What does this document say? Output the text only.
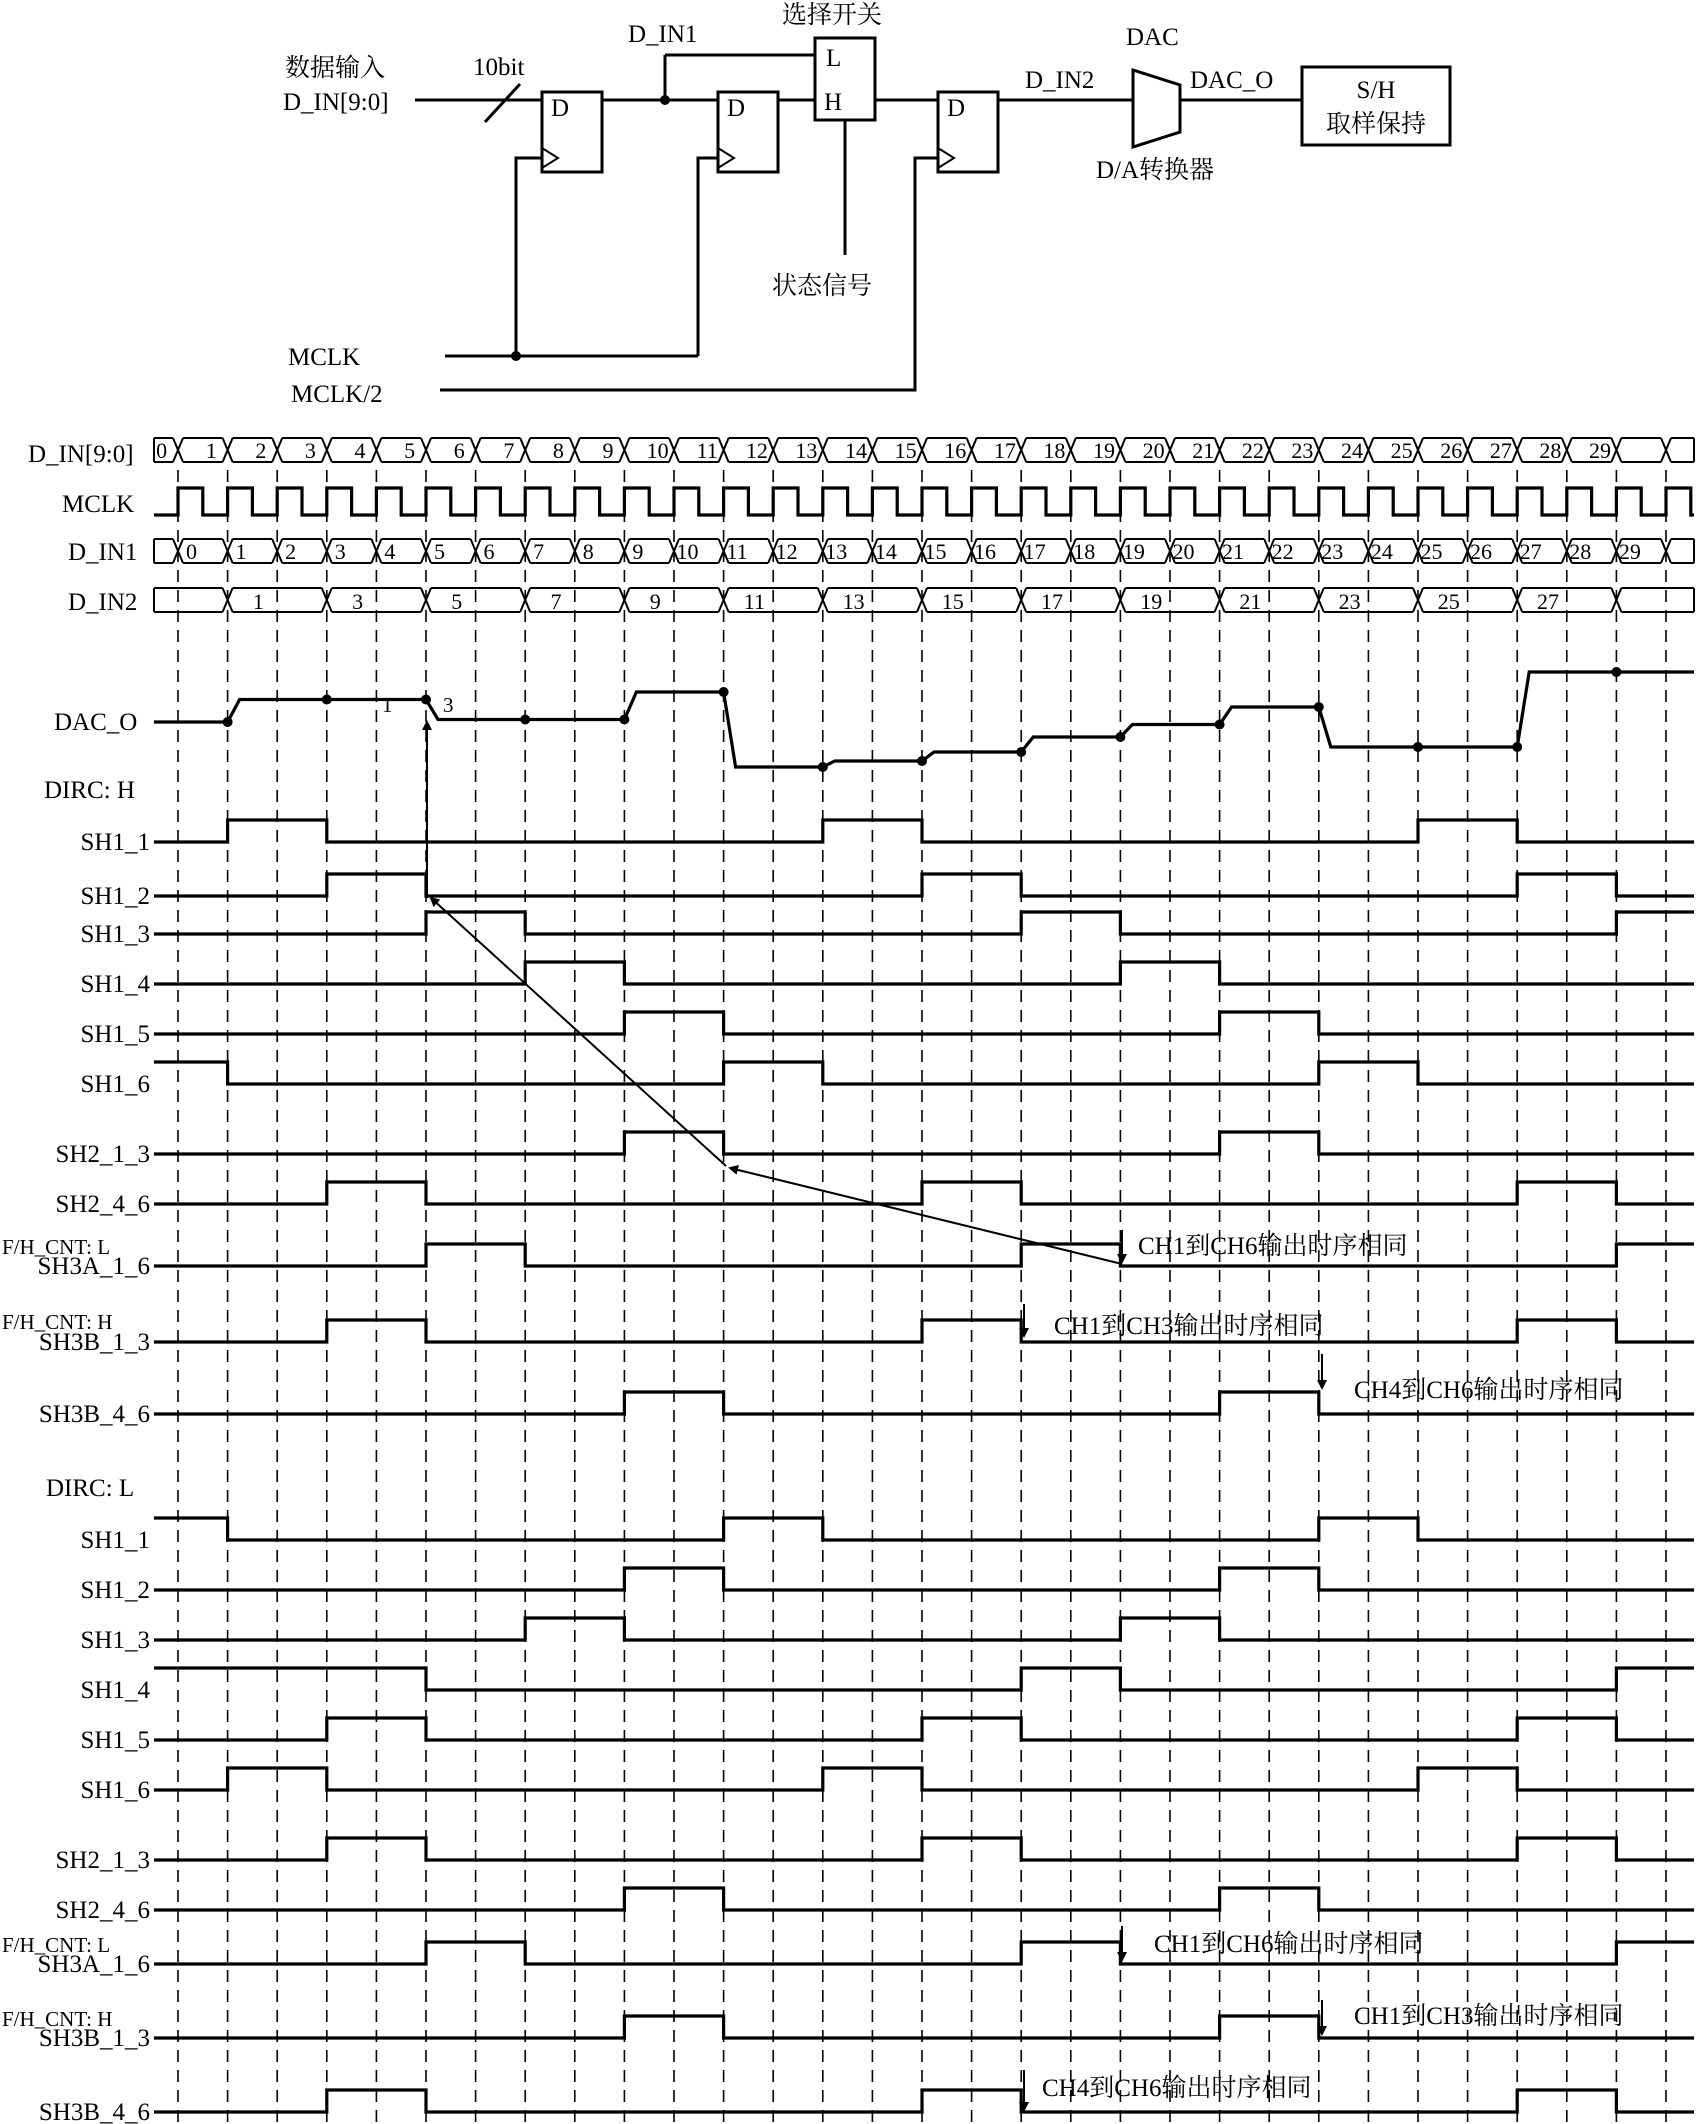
数据输入
D_IN[9:0]
10bit
D
D_IN1
D
L
H
选择开关
状态信号
D
D_IN2
DAC
D/A转换器
DAC_O	S/H
取样保持
MCLK
MCLK/2
D_IN[9:0]
MCLK
D_IN1
D_IN2
DAC_O
DIRC: H
DIRC: L
F/H_CNT: L
F/H_CNT: H
F/H_CNT: L
F/H_CNT: H
0 1 2 3 4 5 6 7 8 9 10 11 12 13 14 15 16 17 18 19 20 21 22 23 24 25 26 27 28 29
0 1 2 3 4 5 6 7 8 9 10 11 12 13 14 15 16 17 18 19 20 21 22 23 24 25 26 27 28 29
1	3	5	7	9	11	13	15	17	19	21	23	25	27
SH1_1
SH1_2
SH1_3
SH1_4
SH1_5
SH1_6
SH2_1_3
SH2_4_6
SH3A_1_6
SH3B_1_3
SH3B_4_6
SH1_1
SH1_2
SH1_3
SH1_4
SH1_5
SH1_6
SH2_1_3
SH2_4_6
SH3A_1_6
SH3B_1_3
SH3B_4_6
1 3
CH1到CH6输出时序相同
CH1到CH3输出时序相同
CH4到CH6输出时序相同
CH1到CH6输出时序相同
CH1到CH3输出时序相同
CH4到CH6输出时序相同
